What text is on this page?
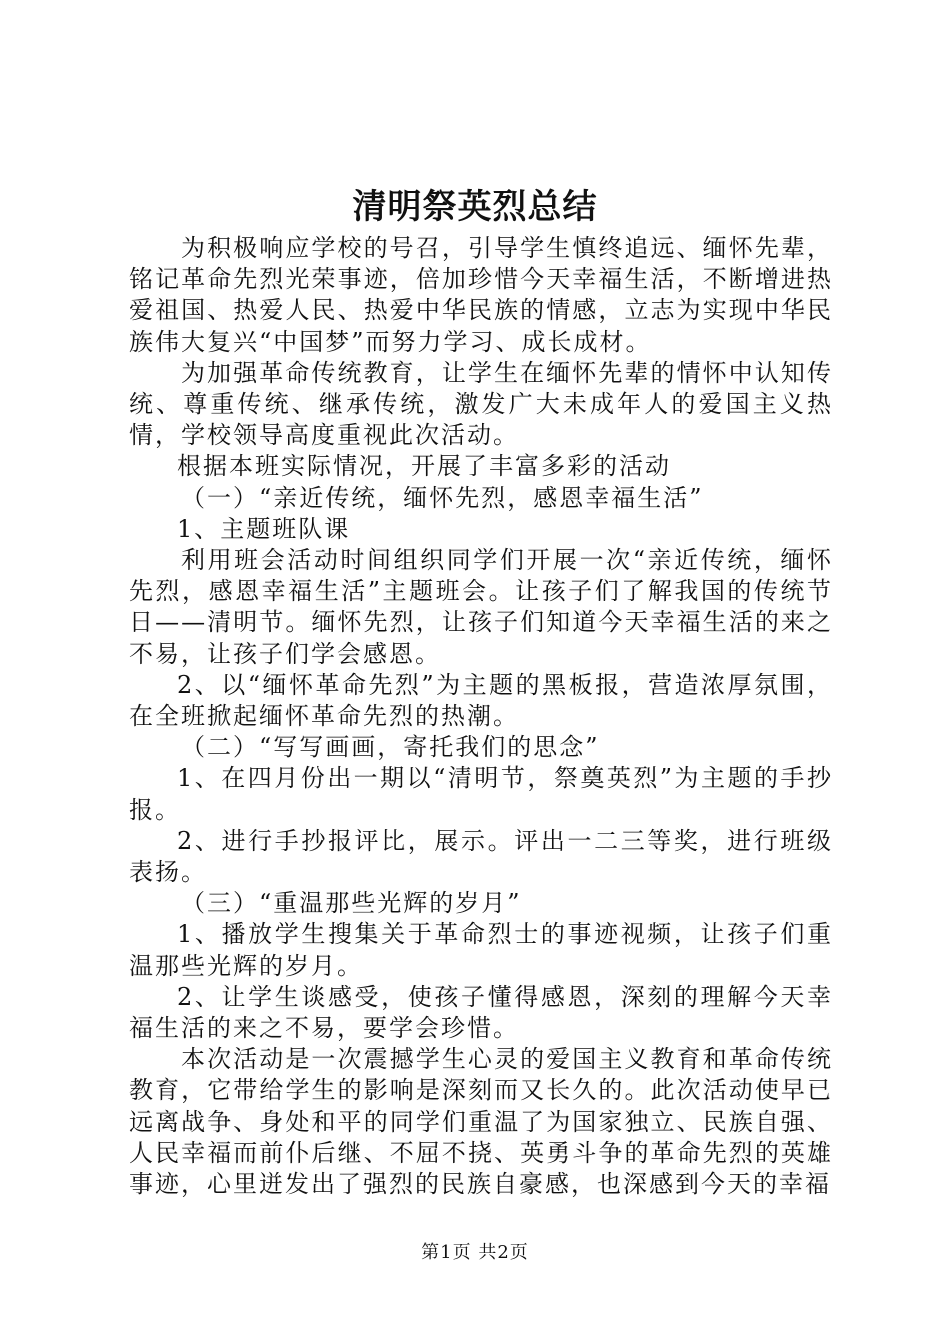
清明祭英烈总结

为积极响应学校的号召，引导学生慎终追远、缅怀先辈，铭记革命先烈光荣事迹，倍加珍惜今天幸福生活，不断增进热爱祖国、热爱人民、热爱中华民族的情感，立志为实现中华民族伟大复兴“中国梦”而努力学习、成长成材。

为加强革命传统教育，让学生在缅怀先辈的情怀中认知传统、尊重传统、继承传统，激发广大未成年人的爱国主义热情，学校领导高度重视此次活动。

根据本班实际情况，开展了丰富多彩的活动

（一）“亲近传统，缅怀先烈，感恩幸福生活”

1、主题班队课

利用班会活动时间组织同学们开展一次“亲近传统，缅怀先烈，感恩幸福生活”主题班会。让孩子们了解我国的传统节日——清明节。缅怀先烈，让孩子们知道今天幸福生活的来之不易，让孩子们学会感恩。

2、以“缅怀革命先烈”为主题的黑板报，营造浓厚氛围，在全班掀起缅怀革命先烈的热潮。

（二）“写写画画，寄托我们的思念”

1、在四月份出一期以“清明节，祭奠英烈”为主题的手抄报。

2、进行手抄报评比，展示。评出一二三等奖，进行班级表扬。

（三）“重温那些光辉的岁月”

1、播放学生搜集关于革命烈士的事迹视频，让孩子们重温那些光辉的岁月。

2、让学生谈感受，使孩子懂得感恩，深刻的理解今天幸福生活的来之不易，要学会珍惜。

本次活动是一次震撼学生心灵的爱国主义教育和革命传统教育，它带给学生的影响是深刻而又长久的。此次活动使早已远离战争、身处和平的同学们重温了为国家独立、民族自强、人民幸福而前仆后继、不屈不挠、英勇斗争的革命先烈的英雄事迹，心里迸发出了强烈的民族自豪感，也深感到今天的幸福

第1页 共2页
